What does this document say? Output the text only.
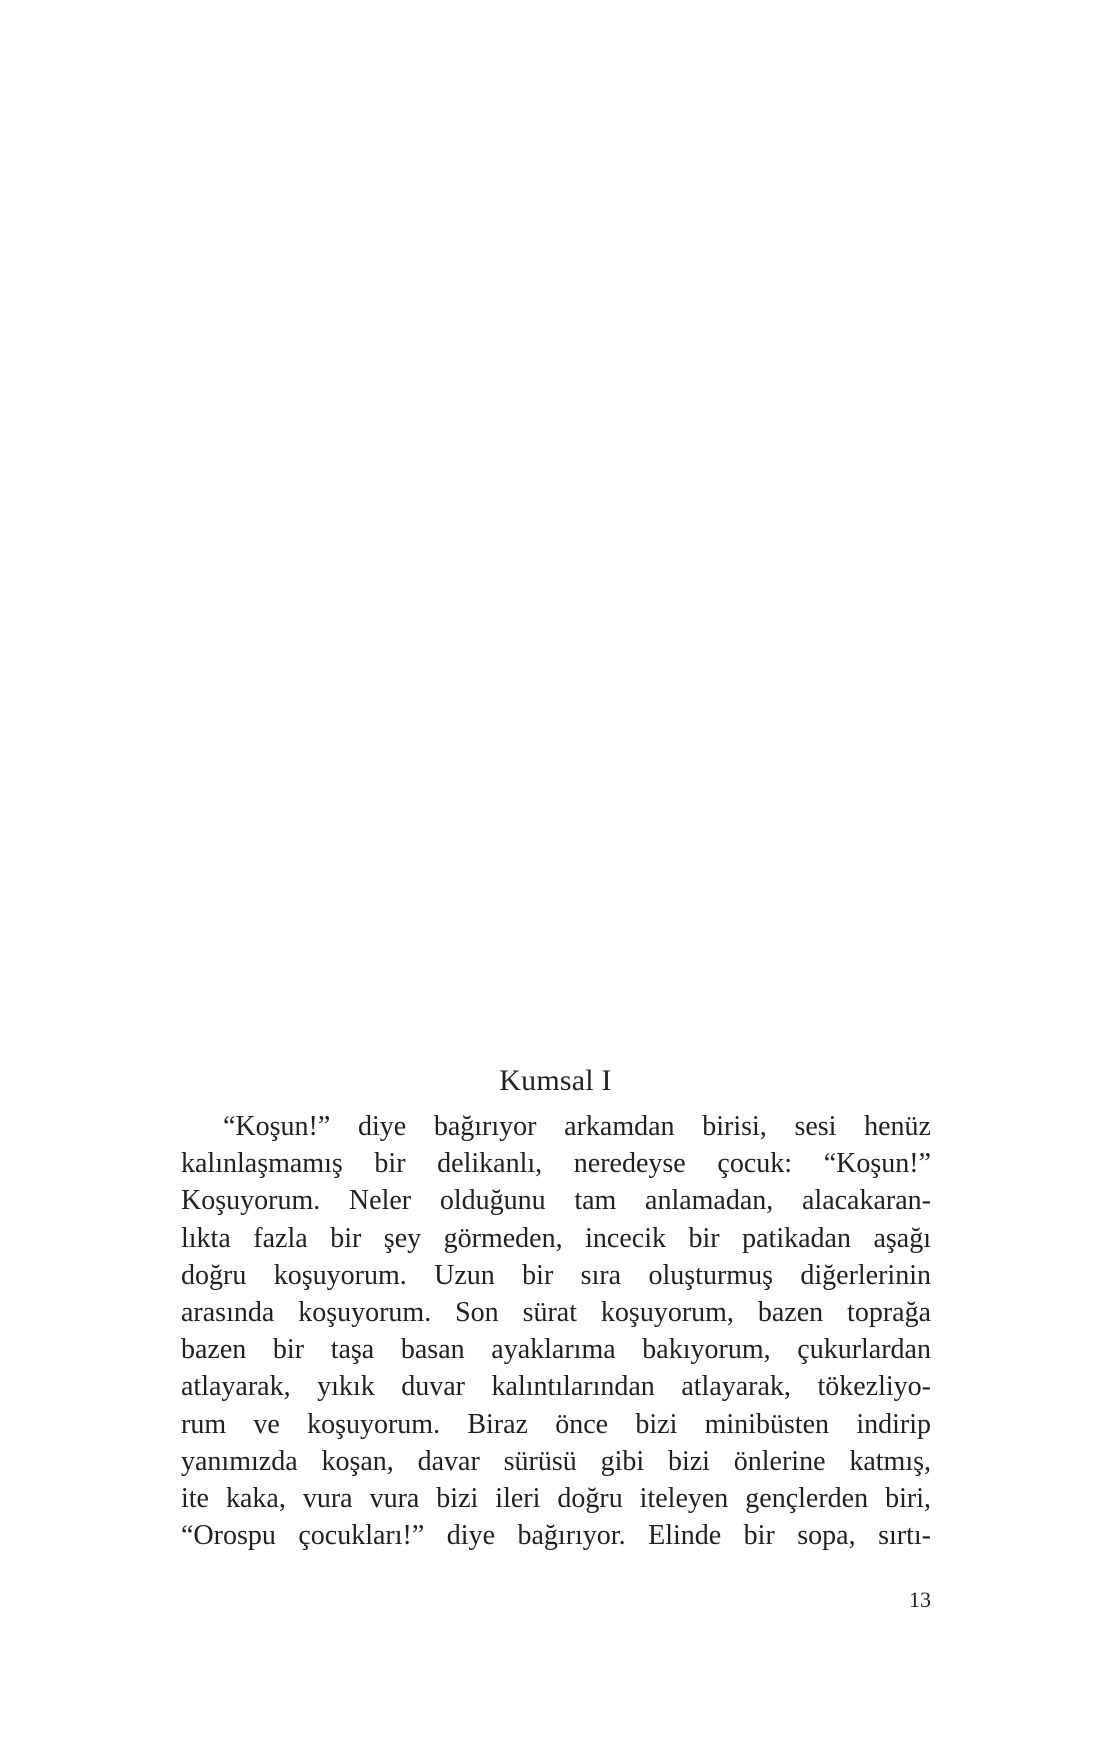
Kumsal I
“Koşun!” diye bağırıyor arkamdan birisi, sesi henüz
kalınlaşmamış bir delikanlı, neredeyse çocuk: “Koşun!”
Koşuyorum. Neler olduğunu tam anlamadan, alacakaran-
lıkta fazla bir şey görmeden, incecik bir patikadan aşağı
doğru koşuyorum. Uzun bir sıra oluşturmuş diğerlerinin
arasında koşuyorum. Son sürat koşuyorum, bazen toprağa
bazen bir taşa basan ayaklarıma bakıyorum, çukurlardan
atlayarak, yıkık duvar kalıntılarından atlayarak, tökezliyo-
rum ve koşuyorum. Biraz önce bizi minibüsten indirip
yanımızda koşan, davar sürüsü gibi bizi önlerine katmış,
ite kaka, vura vura bizi ileri doğru iteleyen gençlerden biri,
“Orospu çocukları!” diye bağırıyor. Elinde bir sopa, sırtı-
13
